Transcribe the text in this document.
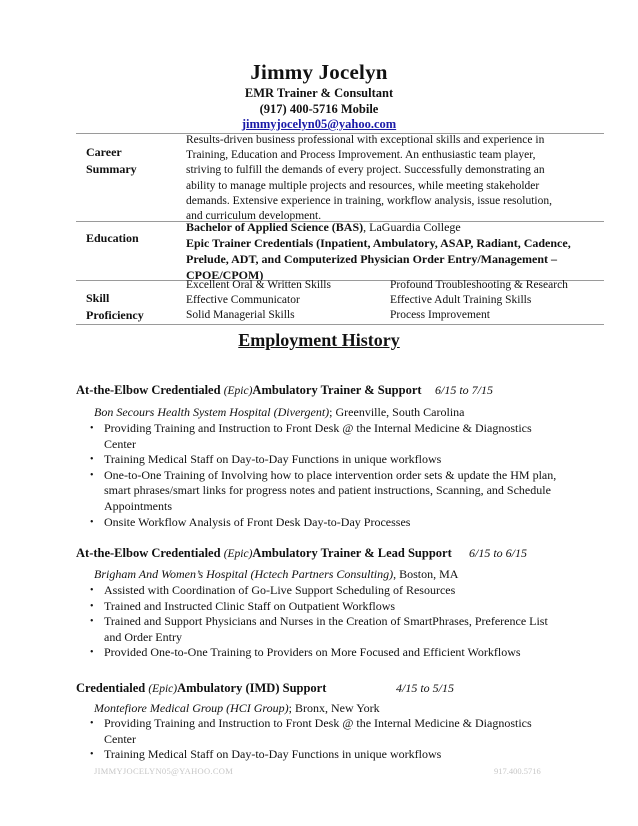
Jimmy Jocelyn
EMR Trainer & Consultant
(917) 400-5716 Mobile
jimmyjocelyn05@yahoo.com
Career
Summary
Results-driven business professional with exceptional skills and experience in
Training, Education and Process Improvement. An enthusiastic team player,
striving to fulfill the demands of every project. Successfully demonstrating an
ability to manage multiple projects and resources, while meeting stakeholder
demands. Extensive experience in training, workflow analysis, issue resolution,
and curriculum development.
Education
Bachelor of Applied Science (BAS), LaGuardia College
Epic Trainer Credentials (Inpatient, Ambulatory, ASAP, Radiant, Cadence,
Prelude, ADT, and Computerized Physician Order Entry/Management –
CPOE/CPOM)
Skill
Proficiency
Excellent Oral & Written Skills
Effective Communicator
Solid Managerial Skills
Profound Troubleshooting & Research
Effective Adult Training Skills
Process Improvement
Employment History
At-the-Elbow Credentialed (Epic)Ambulatory Trainer & Support 6/15 to 7/15
Bon Secours Health System Hospital (Divergent); Greenville, South Carolina
• Providing Training and Instruction to Front Desk @ the Internal Medicine & Diagnostics Center
• Training Medical Staff on Day-to-Day Functions in unique workflows
• One-to-One Training of Involving how to place intervention order sets & update the HM plan, smart phrases/smart links for progress notes and patient instructions, Scanning, and Schedule Appointments
• Onsite Workflow Analysis of Front Desk Day-to-Day Processes
At-the-Elbow Credentialed (Epic)Ambulatory Trainer & Lead Support 6/15 to 6/15
Brigham And Women’s Hospital (Hctech Partners Consulting), Boston, MA
• Assisted with Coordination of Go-Live Support Scheduling of Resources
• Trained and Instructed Clinic Staff on Outpatient Workflows
• Trained and Support Physicians and Nurses in the Creation of SmartPhrases, Preference List and Order Entry
• Provided One-to-One Training to Providers on More Focused and Efficient Workflows
Credentialed (Epic)Ambulatory (IMD) Support	4/15 to 5/15
Montefiore Medical Group (HCI Group); Bronx, New York
• Providing Training and Instruction to Front Desk @ the Internal Medicine & Diagnostics Center
• Training Medical Staff on Day-to-Day Functions in unique workflows
JIMMYJOCELYN05@YAHOO.COM	917.400.5716
